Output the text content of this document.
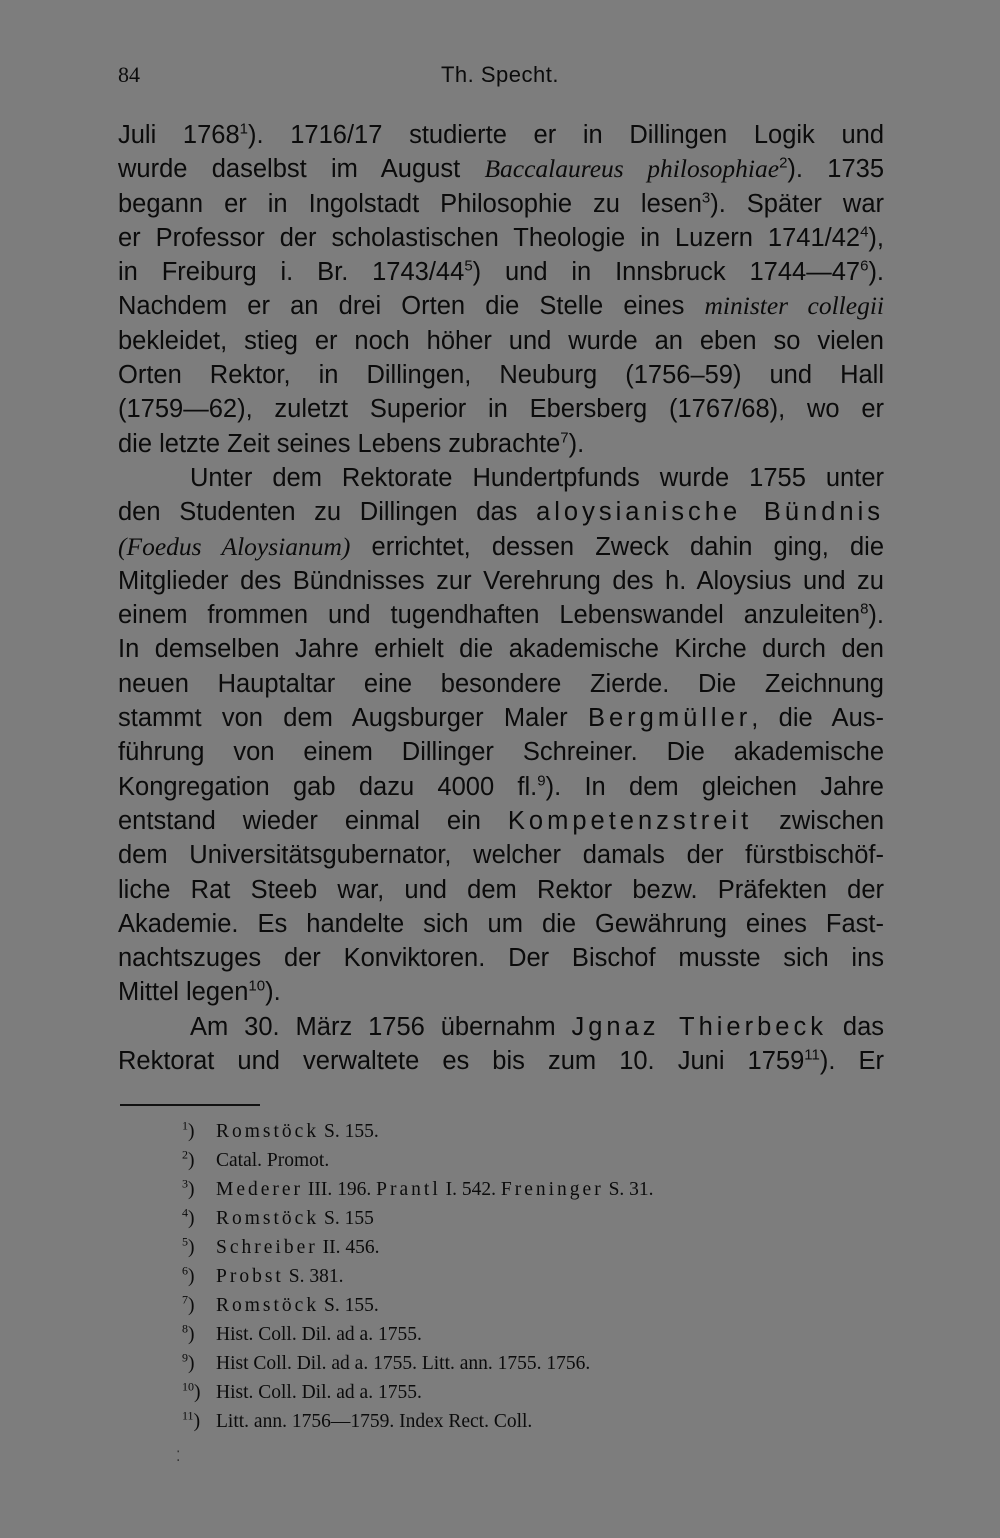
84	Th. Specht.
Juli 1768$^1$). 1716/17 studierte er in Dillingen Logik und
wurde daselbst im August Baccalaureus philosophiae$^2$). 1735
begann er in Ingolstadt Philosophie zu lesen$^3$). Später war
er Professor der scholastischen Theologie in Luzern $1741/42^4$),
in Freiburg i. Br. $1743/44^5$) und in Innsbruck $1744—47^6$).
Nachdem er an drei Orten die Stelle eines minister collegii
bekleidet, stieg er noch höher und wurde an eben so vielen
Orten Rektor, in Dillingen, Neuburg (1756–59) und Hall
(1759—62), zuletzt Superior in Ebersberg (1767/68), wo er
die letzte Zeit seines Lebens zubrachte$^7$).
Unter dem Rektorate Hundertpfunds wurde 1755 unter
den Studenten zu Dillingen das aloysianische Bündnis
(Foedus Aloysianum) errichtet, dessen Zweck dahin ging, die
Mitglieder des Bündnisses zur Verehrung des h. Aloysius und zu
einem frommen und tugendhaften Lebenswandel anzuleiten$^8$).
In demselben Jahre erhielt die akademische Kirche durch den
neuen Hauptaltar eine besondere Zierde. Die Zeichnung
stammt von dem Augsburger Maler Bergmüller, die Aus-
führung von einem Dillinger Schreiner. Die akademische
Kongregation gab dazu 4000 fl.$^9$). In dem gleichen Jahre
entstand wieder einmal ein Kompetenzstreit zwischen
dem Universitätsgubernator, welcher damals der fürstbischöf-
liche Rat Steeb war, und dem Rektor bezw. Präfekten der
Akademie. Es handelte sich um die Gewährung eines Fast-
nachtszuges der Konviktoren. Der Bischof musste sich ins
Mittel legen$^{10}$).
Am 30. März 1756 übernahm Jgnaz Thierbeck das
Rektorat und verwaltete es bis zum 10. Juni 1759$^{11}$). Er
$^1$) Romstöck S. 155.
$^2$) Catal. Promot.
$^3$) Mederer III. 196. Prantl I. 542. Freninger S. 31.
$^4$) Romstöck S. 155
$^5$) Schreiber II. 456.
$^6$) Probst S. 381.
$^7$) Romstöck S. 155.
$^8$) Hist. Coll. Dil. ad a. 1755.
$^9$) Hist Coll. Dil. ad a. 1755. Litt. ann. 1755. 1756.
$^{10}$) Hist. Coll. Dil. ad a. 1755.
$^{11}$) Litt. ann. 1756—1759. Index Rect. Coll.
⁚
